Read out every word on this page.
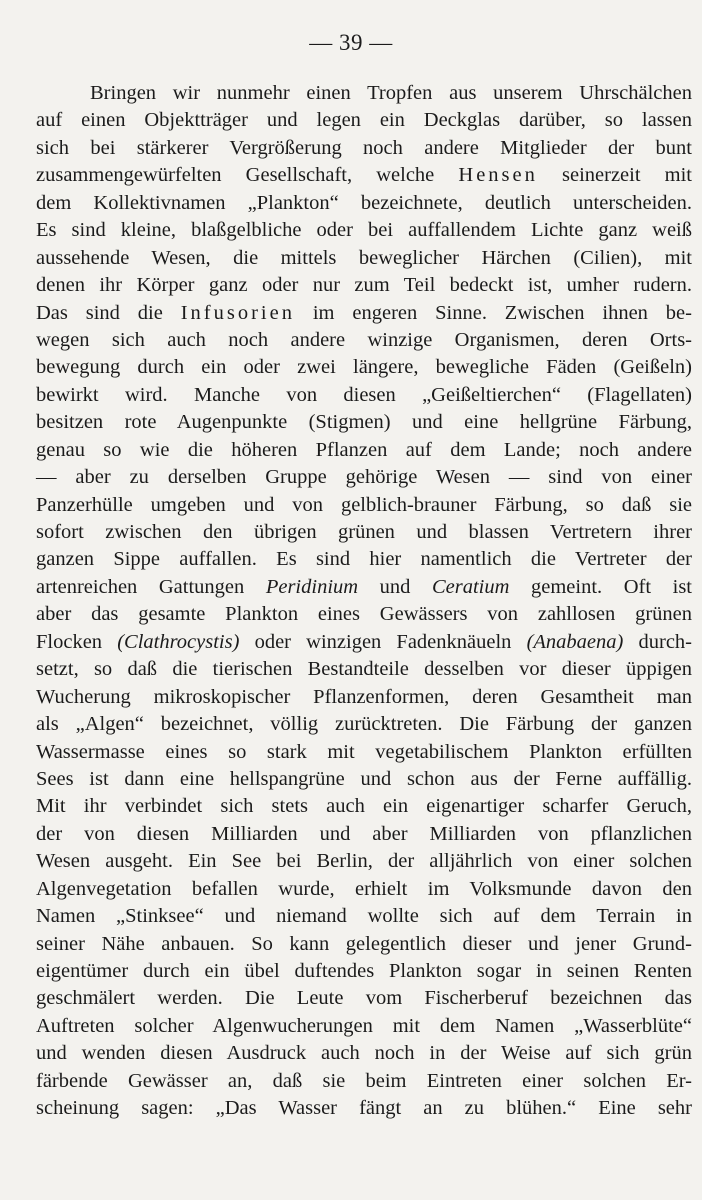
— 39 —
Bringen wir nunmehr einen Tropfen aus unserem Uhrschälchen
auf einen Objektträger und legen ein Deckglas darüber, so lassen
sich bei stärkerer Vergrößerung noch andere Mitglieder der bunt
zusammengewürfelten Gesellschaft, welche Hensen seinerzeit mit
dem Kollektivnamen „Plankton“ bezeichnete, deutlich unterscheiden.
Es sind kleine, blaßgelbliche oder bei auffallendem Lichte ganz weiß
aussehende Wesen, die mittels beweglicher Härchen (Cilien), mit
denen ihr Körper ganz oder nur zum Teil bedeckt ist, umher rudern.
Das sind die Infusorien im engeren Sinne. Zwischen ihnen be-
wegen sich auch noch andere winzige Organismen, deren Orts-
bewegung durch ein oder zwei längere, bewegliche Fäden (Geißeln)
bewirkt wird. Manche von diesen „Geißeltierchen“ (Flagellaten)
besitzen rote Augenpunkte (Stigmen) und eine hellgrüne Färbung,
genau so wie die höheren Pflanzen auf dem Lande; noch andere
— aber zu derselben Gruppe gehörige Wesen — sind von einer
Panzerhülle umgeben und von gelblich-brauner Färbung, so daß sie
sofort zwischen den übrigen grünen und blassen Vertretern ihrer
ganzen Sippe auffallen. Es sind hier namentlich die Vertreter der
artenreichen Gattungen Peridinium und Ceratium gemeint. Oft ist
aber das gesamte Plankton eines Gewässers von zahllosen grünen
Flocken (Clathrocystis) oder winzigen Fadenknäueln (Anabaena) durch-
setzt, so daß die tierischen Bestandteile desselben vor dieser üppigen
Wucherung mikroskopischer Pflanzenformen, deren Gesamtheit man
als „Algen“ bezeichnet, völlig zurücktreten. Die Färbung der ganzen
Wassermasse eines so stark mit vegetabilischem Plankton erfüllten
Sees ist dann eine hellspangrüne und schon aus der Ferne auffällig.
Mit ihr verbindet sich stets auch ein eigenartiger scharfer Geruch,
der von diesen Milliarden und aber Milliarden von pflanzlichen
Wesen ausgeht. Ein See bei Berlin, der alljährlich von einer solchen
Algenvegetation befallen wurde, erhielt im Volksmunde davon den
Namen „Stinksee“ und niemand wollte sich auf dem Terrain in
seiner Nähe anbauen. So kann gelegentlich dieser und jener Grund-
eigentümer durch ein übel duftendes Plankton sogar in seinen Renten
geschmälert werden. Die Leute vom Fischerberuf bezeichnen das
Auftreten solcher Algenwucherungen mit dem Namen „Wasserblüte“
und wenden diesen Ausdruck auch noch in der Weise auf sich grün
färbende Gewässer an, daß sie beim Eintreten einer solchen Er-
scheinung sagen: „Das Wasser fängt an zu blühen.“ Eine sehr
